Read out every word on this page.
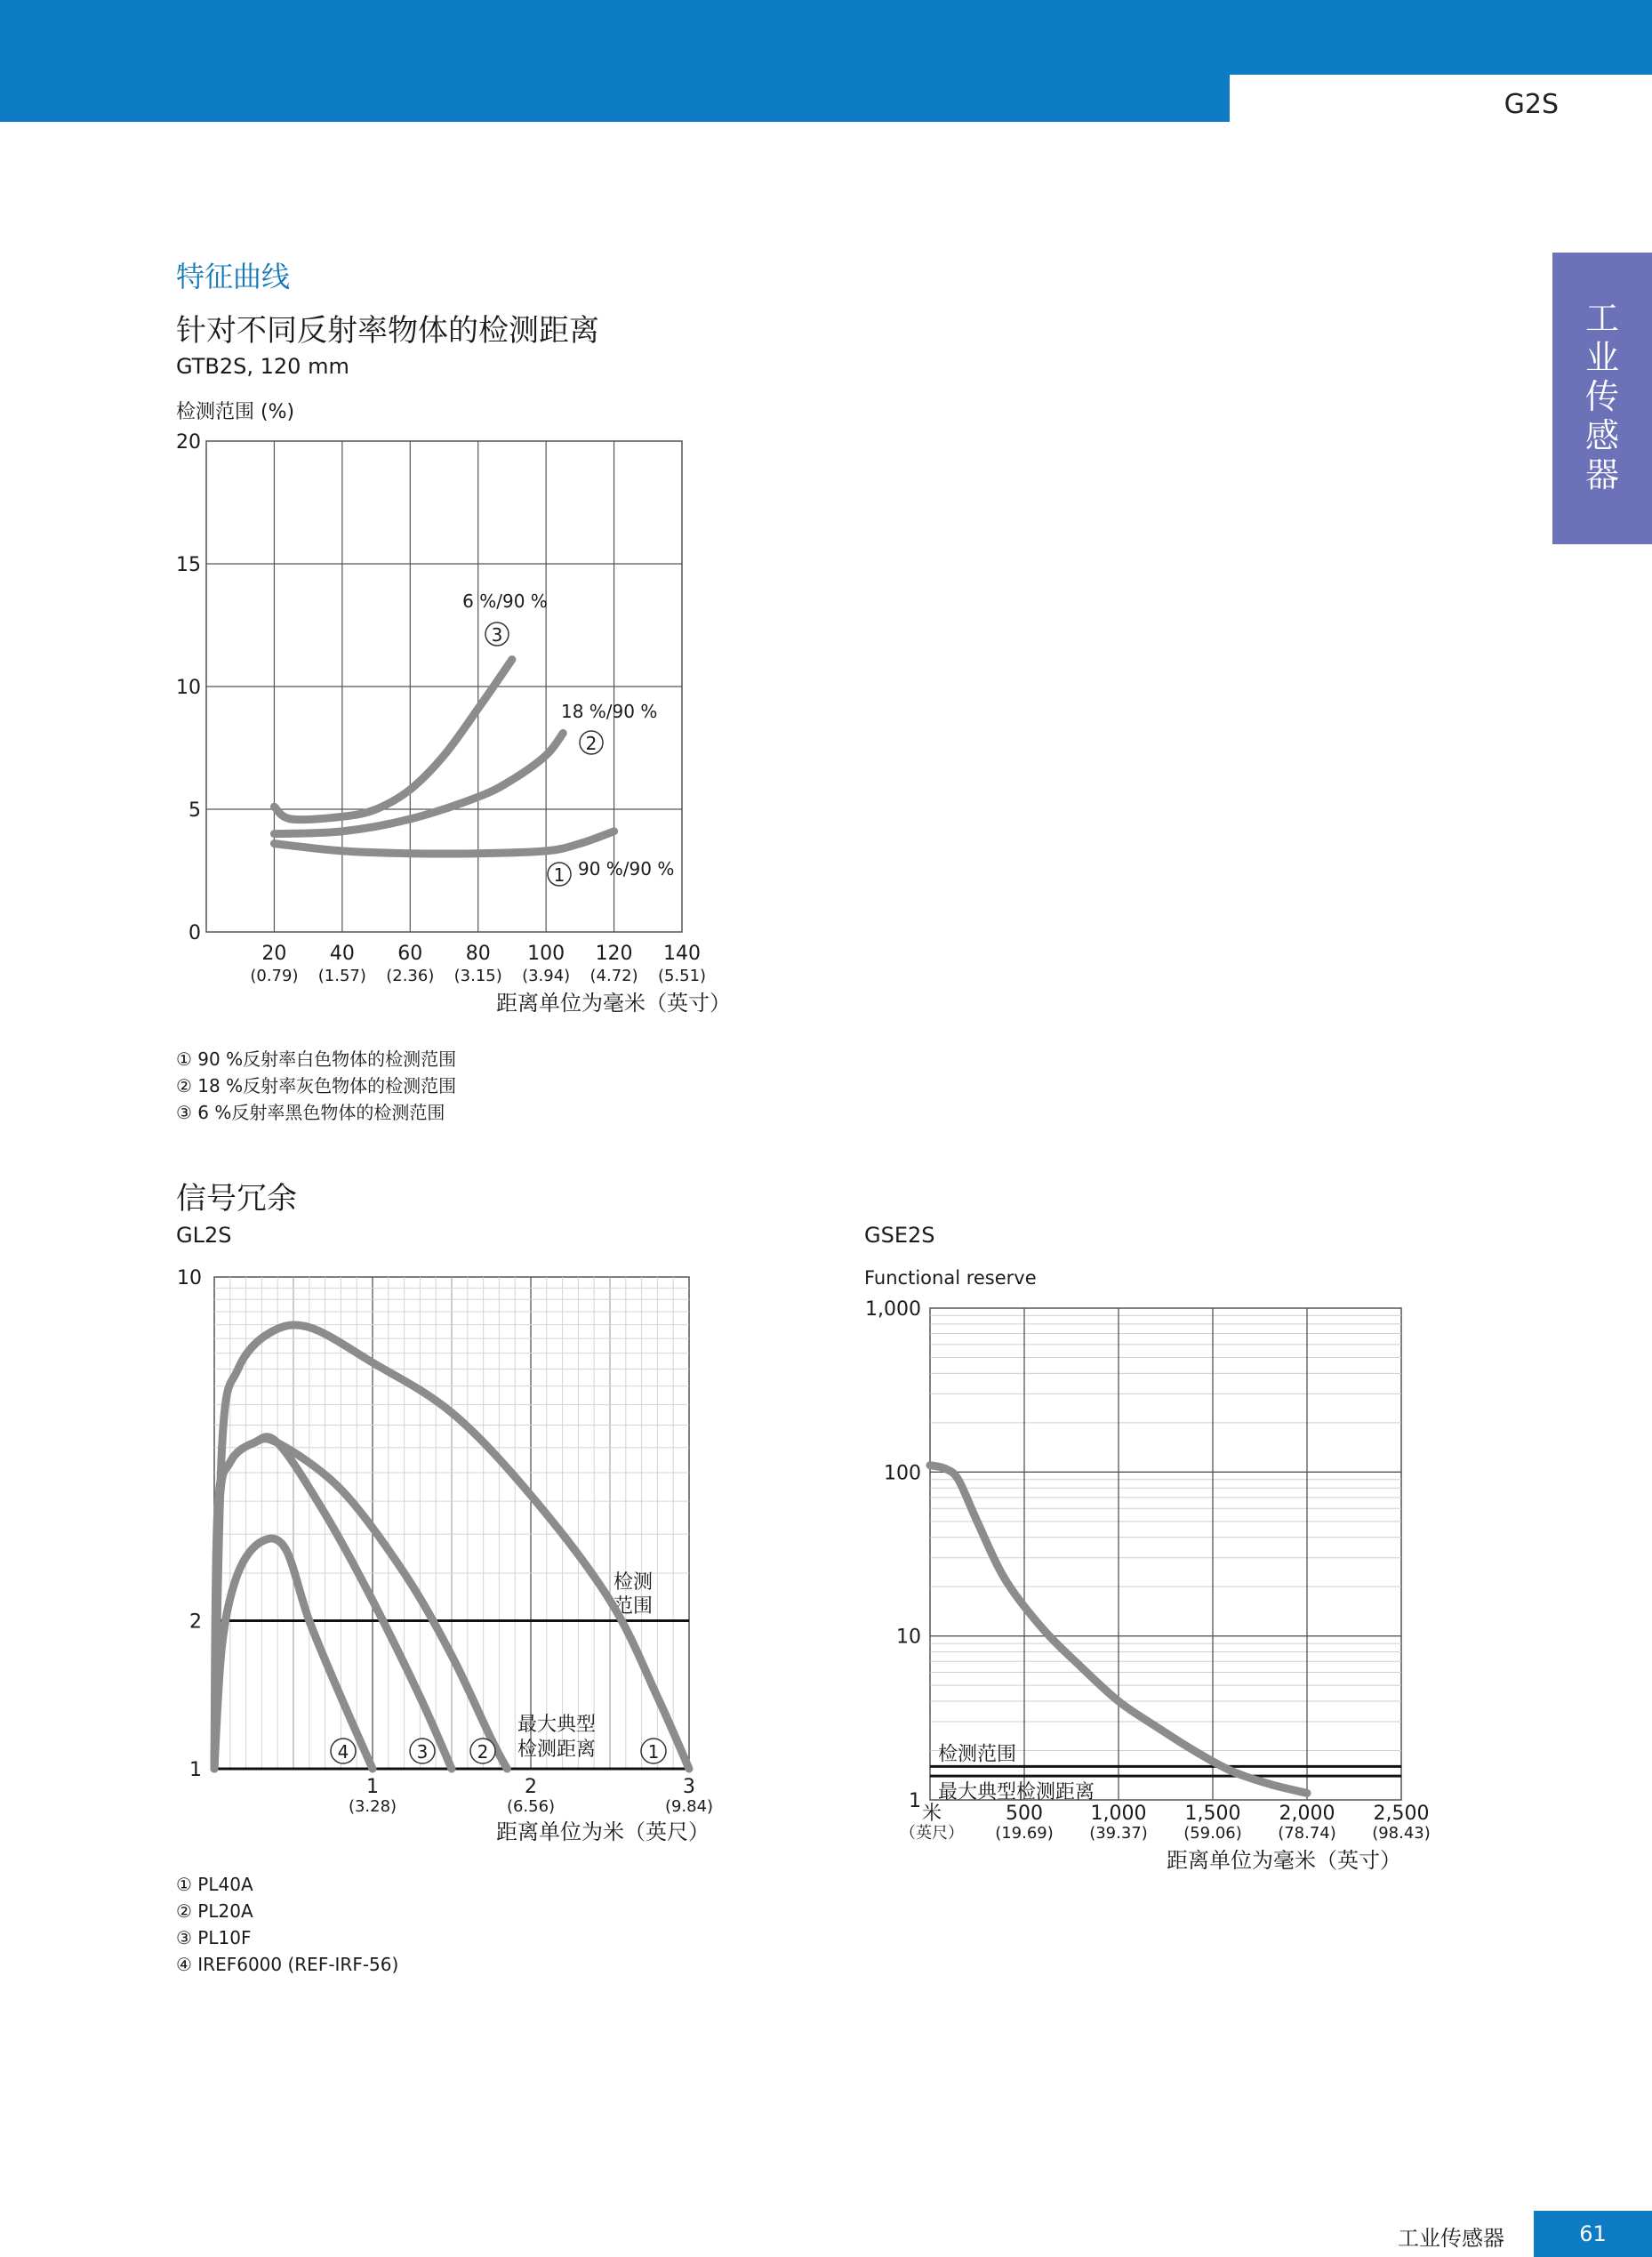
G2S
工
业
传
感
器
特征曲线
针对不同反射率物体的检测距离
GTB2S, 120 mm
① 90 %反射率白色物体的检测范围
② 18 %反射率灰色物体的检测范围
③ 6 %反射率黑色物体的检测范围
信号冗余
GL2S	GSE2S
① PL40A
② PL20A
③ PL10F
④ IREF6000 (REF-IRF-56)
20
(0.79)
40
(1.57)
60
(2.36)
80
(3.15)
100
(3.94)
120
(4.72)
140
(5.51)
0
5
10
15
20
检测范围 (%)
距离单位为毫米（英寸）
1 90 %/90 %
2
18 %/90 %
3
6 %/90 %
1
2
10
1
(3.28)
2
(6.56)
3
(9.84)
距离单位为米（英尺）
检测
范围
最大典型
检测距离	1
2
3
4	检测范围
最大典型检测距离
1
10
100
1,000
Functional reserve
米
（英尺）
500
(19.69)
1,000
(39.37)
1,500
(59.06)
2,000
(78.74)
2,500
(98.43)
距离单位为毫米（英寸）
工业传感器	61
